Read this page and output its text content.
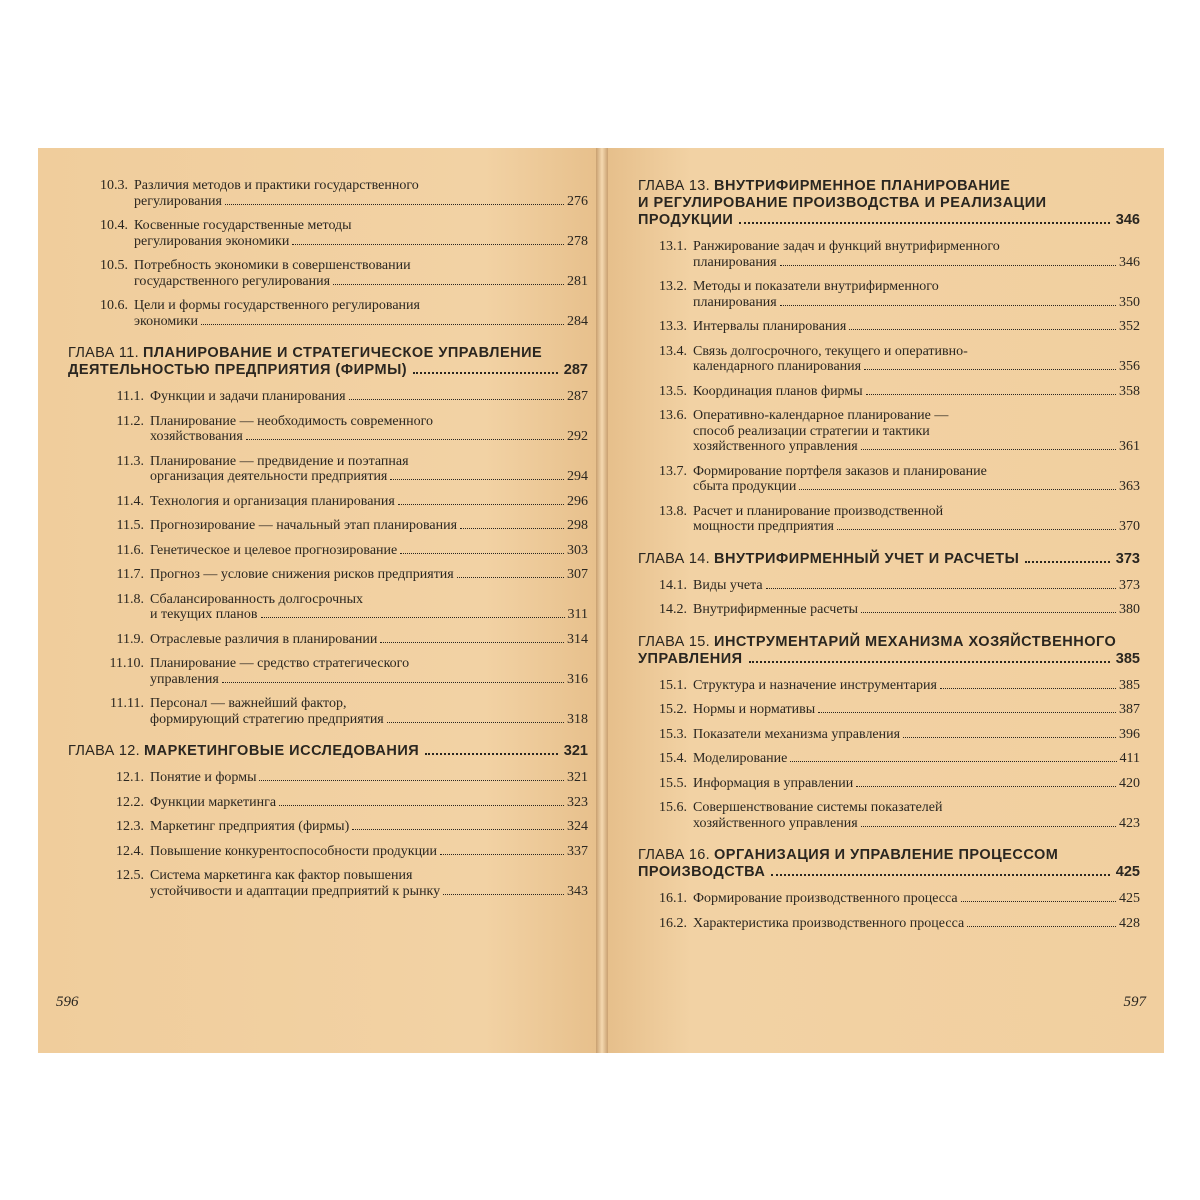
10.3. Различия методов и практики государственного
регулирования	276
10.4. Косвенные государственные методы
регулирования экономики	278
10.5. Потребность экономики в совершенствовании
государственного регулирования	281
10.6. Цели и формы государственного регулирования
экономики	284
ГЛАВА 11. ПЛАНИРОВАНИЕ И СТРАТЕГИЧЕСКОЕ УПРАВЛЕНИЕ
ДЕЯТЕЛЬНОСТЬЮ ПРЕДПРИЯТИЯ (ФИРМЫ)	287
11.1. Функции и задачи планирования	287
11.2. Планирование — необходимость современного
хозяйствования	292
11.3. Планирование — предвидение и поэтапная
организация деятельности предприятия	294
11.4. Технология и организация планирования	296
11.5. Прогнозирование — начальный этап планирования	298
11.6. Генетическое и целевое прогнозирование	303
11.7. Прогноз — условие снижения рисков предприятия	307
11.8. Сбалансированность долгосрочных
и текущих планов	311
11.9. Отраслевые различия в планировании	314
11.10. Планирование — средство стратегического
управления	316
11.11. Персонал — важнейший фактор,
формирующий стратегию предприятия	318
ГЛАВА 12.
МАРКЕТИНГОВЫЕ ИССЛЕДОВАНИЯ	321
12.1. Понятие и формы	321
12.2. Функции маркетинга	323
12.3. Маркетинг предприятия (фирмы)	324
12.4. Повышение конкурентоспособности продукции	337
12.5. Система маркетинга как фактор повышения
устойчивости и адаптации предприятий к рынку	343
596
ГЛАВА 13. ВНУТРИФИРМЕННОЕ ПЛАНИРОВАНИЕ
И РЕГУЛИРОВАНИЕ ПРОИЗВОДСТВА И РЕАЛИЗАЦИИ
ПРОДУКЦИИ	346
13.1. Ранжирование задач и функций внутрифирменного
планирования	346
13.2. Методы и показатели внутрифирменного
планирования	350
13.3. Интервалы планирования	352
13.4. Связь долгосрочного, текущего и оперативно-
календарного планирования	356
13.5. Координация планов фирмы	358
13.6. Оперативно-календарное планирование —
способ реализации стратегии и тактики
хозяйственного управления	361
13.7. Формирование портфеля заказов и планирование
сбыта продукции	363
13.8. Расчет и планирование производственной
мощности предприятия	370
ГЛАВА 14.
ВНУТРИФИРМЕННЫЙ УЧЕТ И РАСЧЕТЫ	373
14.1. Виды учета	373
14.2. Внутрифирменные расчеты	380
ГЛАВА 15. ИНСТРУМЕНТАРИЙ МЕХАНИЗМА ХОЗЯЙСТВЕННОГО
УПРАВЛЕНИЯ	385
15.1. Структура и назначение инструментария	385
15.2. Нормы и нормативы	387
15.3. Показатели механизма управления	396
15.4. Моделирование	411
15.5. Информация в управлении	420
15.6. Совершенствование системы показателей
хозяйственного управления	423
ГЛАВА 16. ОРГАНИЗАЦИЯ И УПРАВЛЕНИЕ ПРОЦЕССОМ
ПРОИЗВОДСТВА	425
16.1. Формирование производственного процесса	425
16.2. Характеристика производственного процесса	428
597
